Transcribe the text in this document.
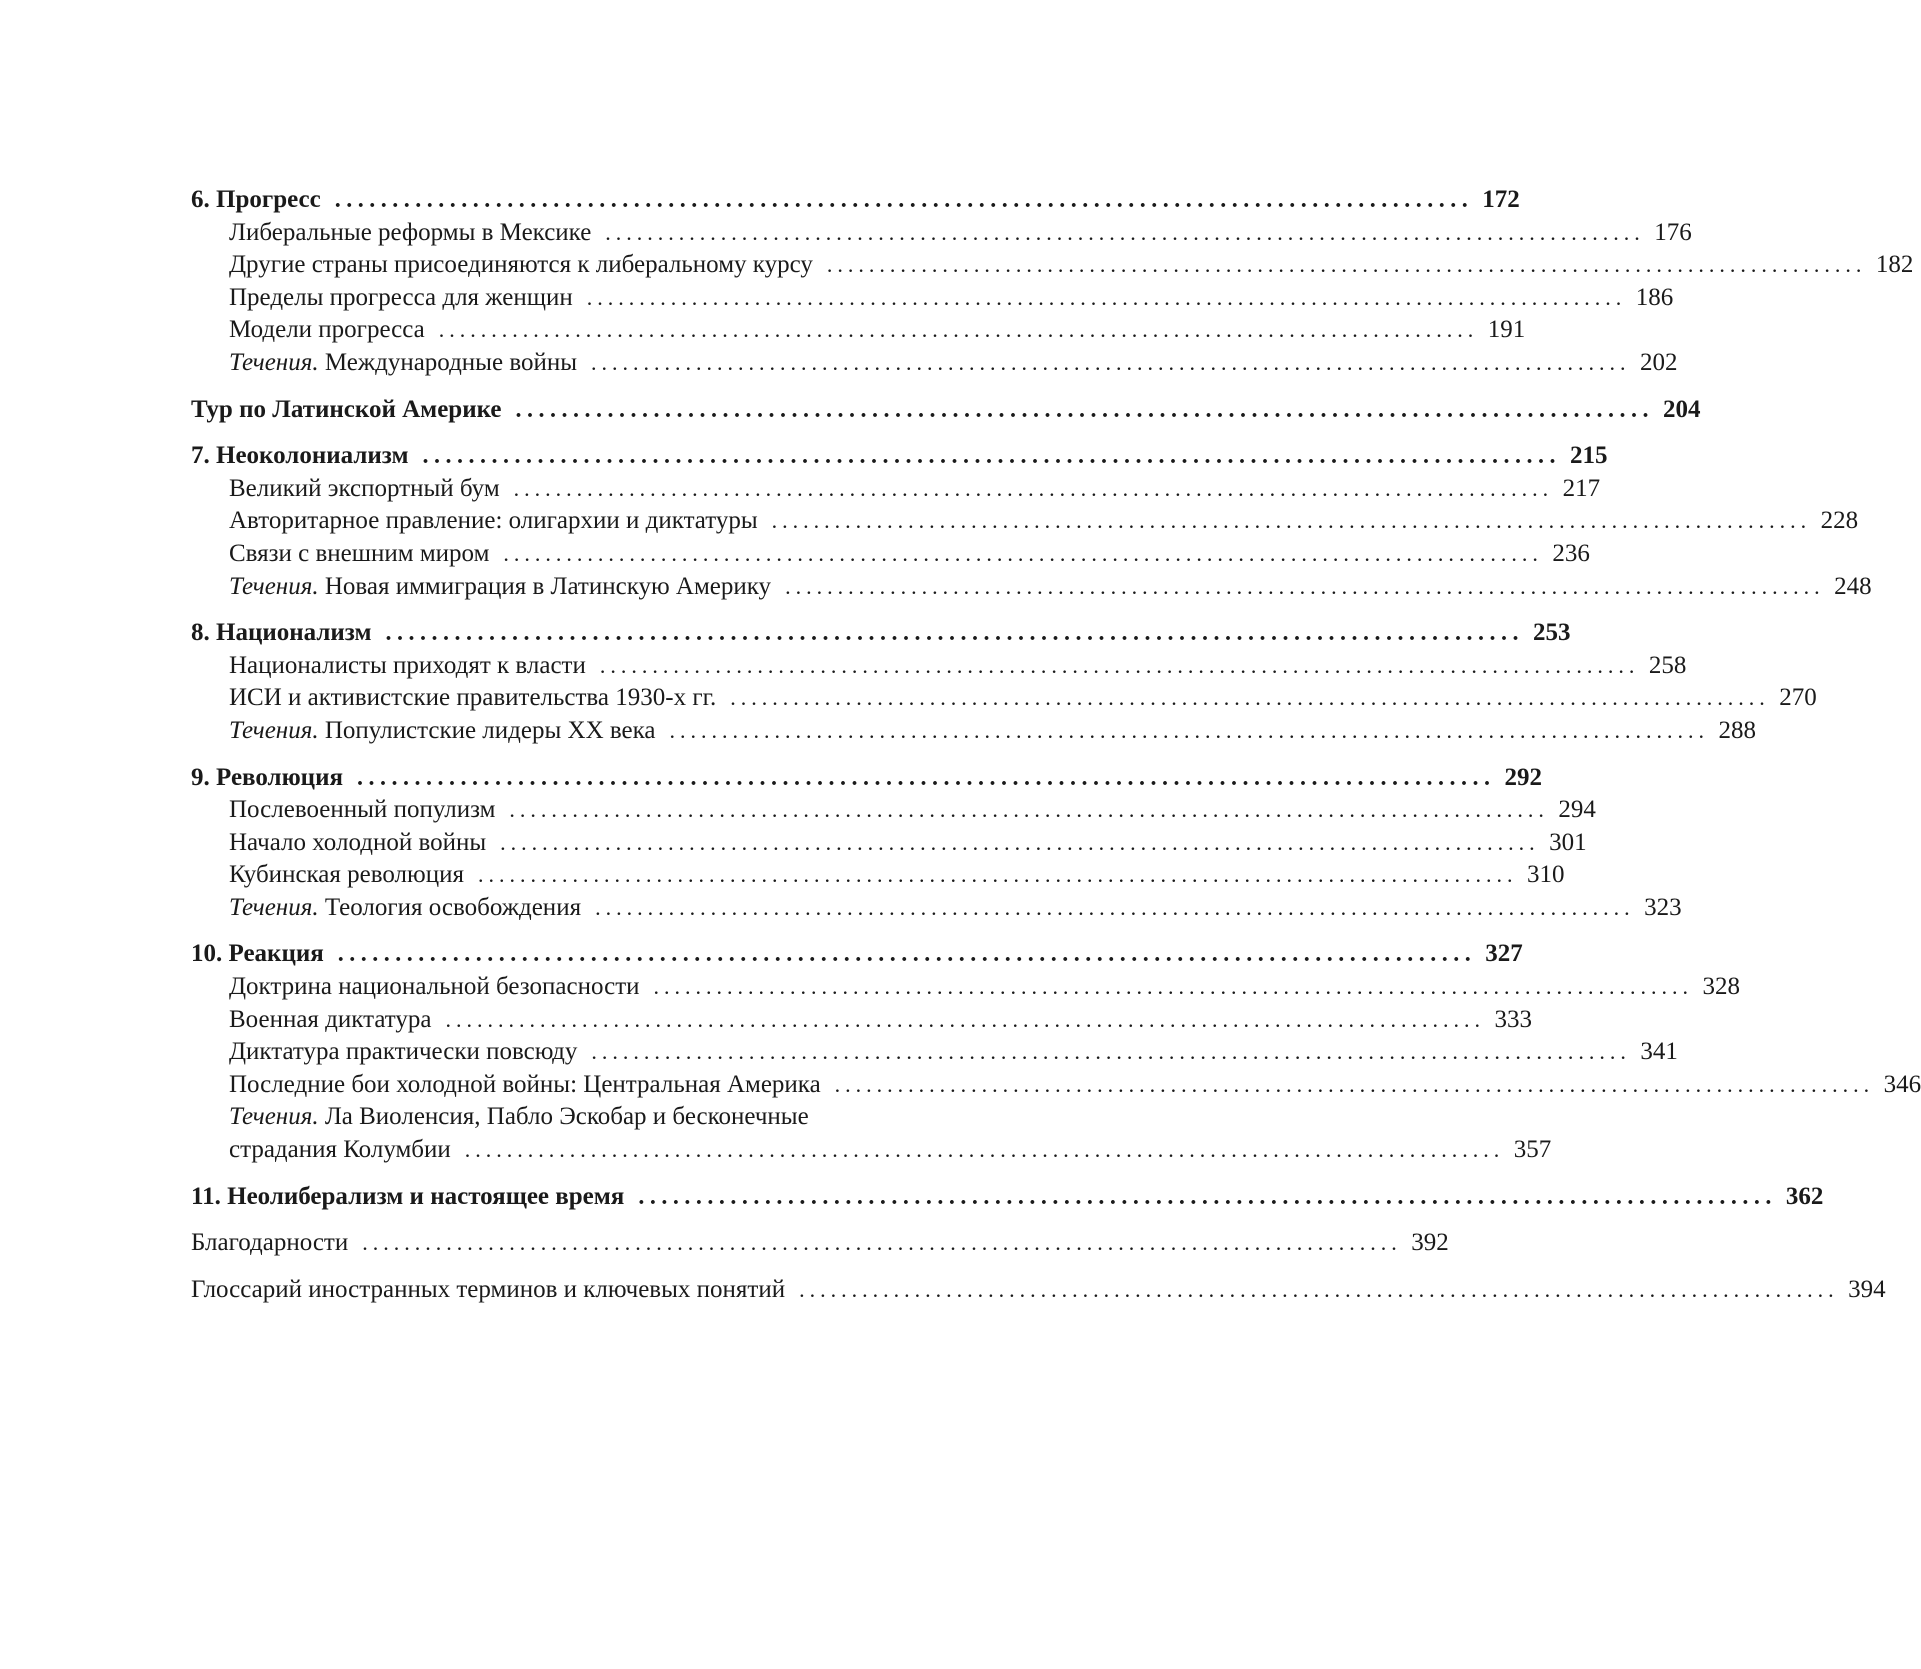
6. Прогресс . . .	172
Либеральные реформы в Мексике . . .	176
Другие страны присоединяются к либеральному курсу . . .	182
Пределы прогресса для женщин . . .	186
Модели прогресса . . .	191
Течения. Международные войны . . .	202
Тур по Латинской Америке . . .	204
7. Неоколониализм . . .	215
Великий экспортный бум . . .	217
Авторитарное правление: олигархии и диктатуры . . .	228
Связи с внешним миром . . .	236
Течения. Новая иммиграция в Латинскую Америку . . .	248
8. Национализм . . .	253
Националисты приходят к власти . . .	258
ИСИ и активистские правительства 1930-х гг. . . .	270
Течения. Популистские лидеры XX века . . .	288
9. Революция . . .	292
Послевоенный популизм . . .	294
Начало холодной войны . . .	301
Кубинская революция . . .	310
Течения. Теология освобождения . . .	323
10. Реакция . . .	327
Доктрина национальной безопасности . . .	328
Военная диктатура . . .	333
Диктатура практически повсюду . . .	341
Последние бои холодной войны: Центральная Америка . . .	346
Течения. Ла Виоленсия, Пабло Эскобар и бесконечные
страдания Колумбии . . .	357
11. Неолиберализм и настоящее время . . .	362
Благодарности . . .	392
Глоссарий иностранных терминов и ключевых понятий . . .	394
